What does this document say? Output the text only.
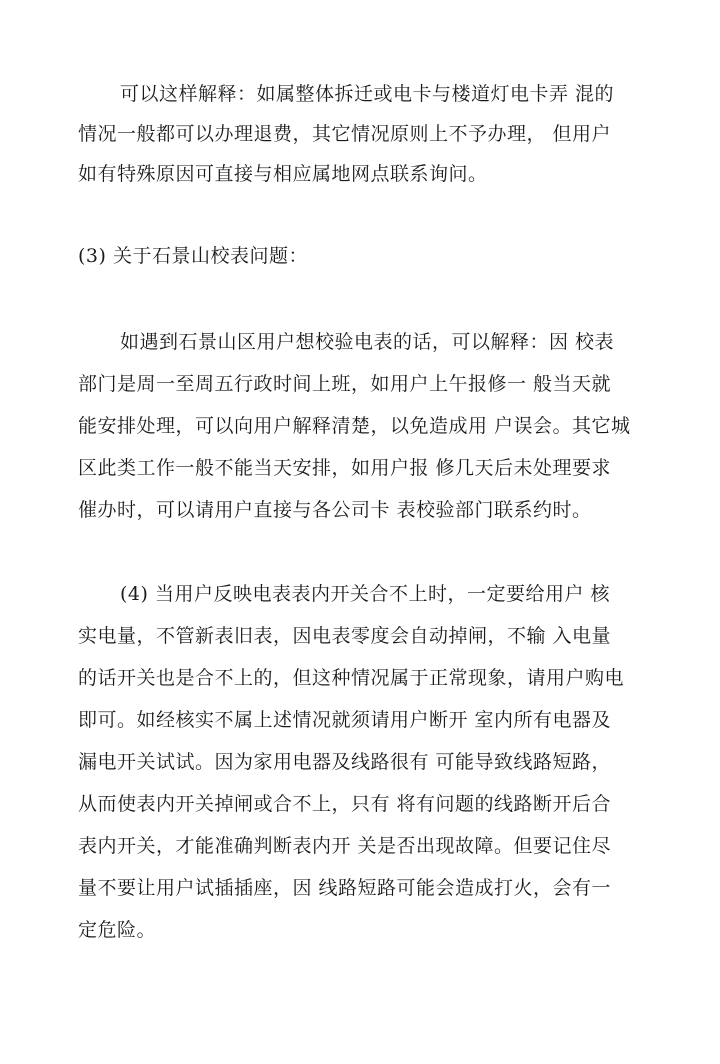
可以这样解释：如属整体拆迁或电卡与楼道灯电卡弄 混的
情况一般都可以办理退费，其它情况原则上不予办理， 但用户
如有特殊原因可直接与相应属地网点联系询问。
(3) 关于石景山校表问题：
如遇到石景山区用户想校验电表的话，可以解释：因 校表
部门是周一至周五行政时间上班，如用户上午报修一 般当天就
能安排处理，可以向用户解释清楚，以免造成用 户误会。其它城
区此类工作一般不能当天安排，如用户报 修几天后未处理要求
催办时，可以请用户直接与各公司卡 表校验部门联系约时。
(4) 当用户反映电表表内开关合不上时，一定要给用户 核
实电量，不管新表旧表，因电表零度会自动掉闸，不输 入电量
的话开关也是合不上的，但这种情况属于正常现象，请用户购电
即可。如经核实不属上述情况就须请用户断开 室内所有电器及
漏电开关试试。因为家用电器及线路很有 可能导致线路短路，
从而使表内开关掉闸或合不上，只有 将有问题的线路断开后合
表内开关，才能准确判断表内开 关是否出现故障。但要记住尽
量不要让用户试插插座，因 线路短路可能会造成打火，会有一
定危险。
